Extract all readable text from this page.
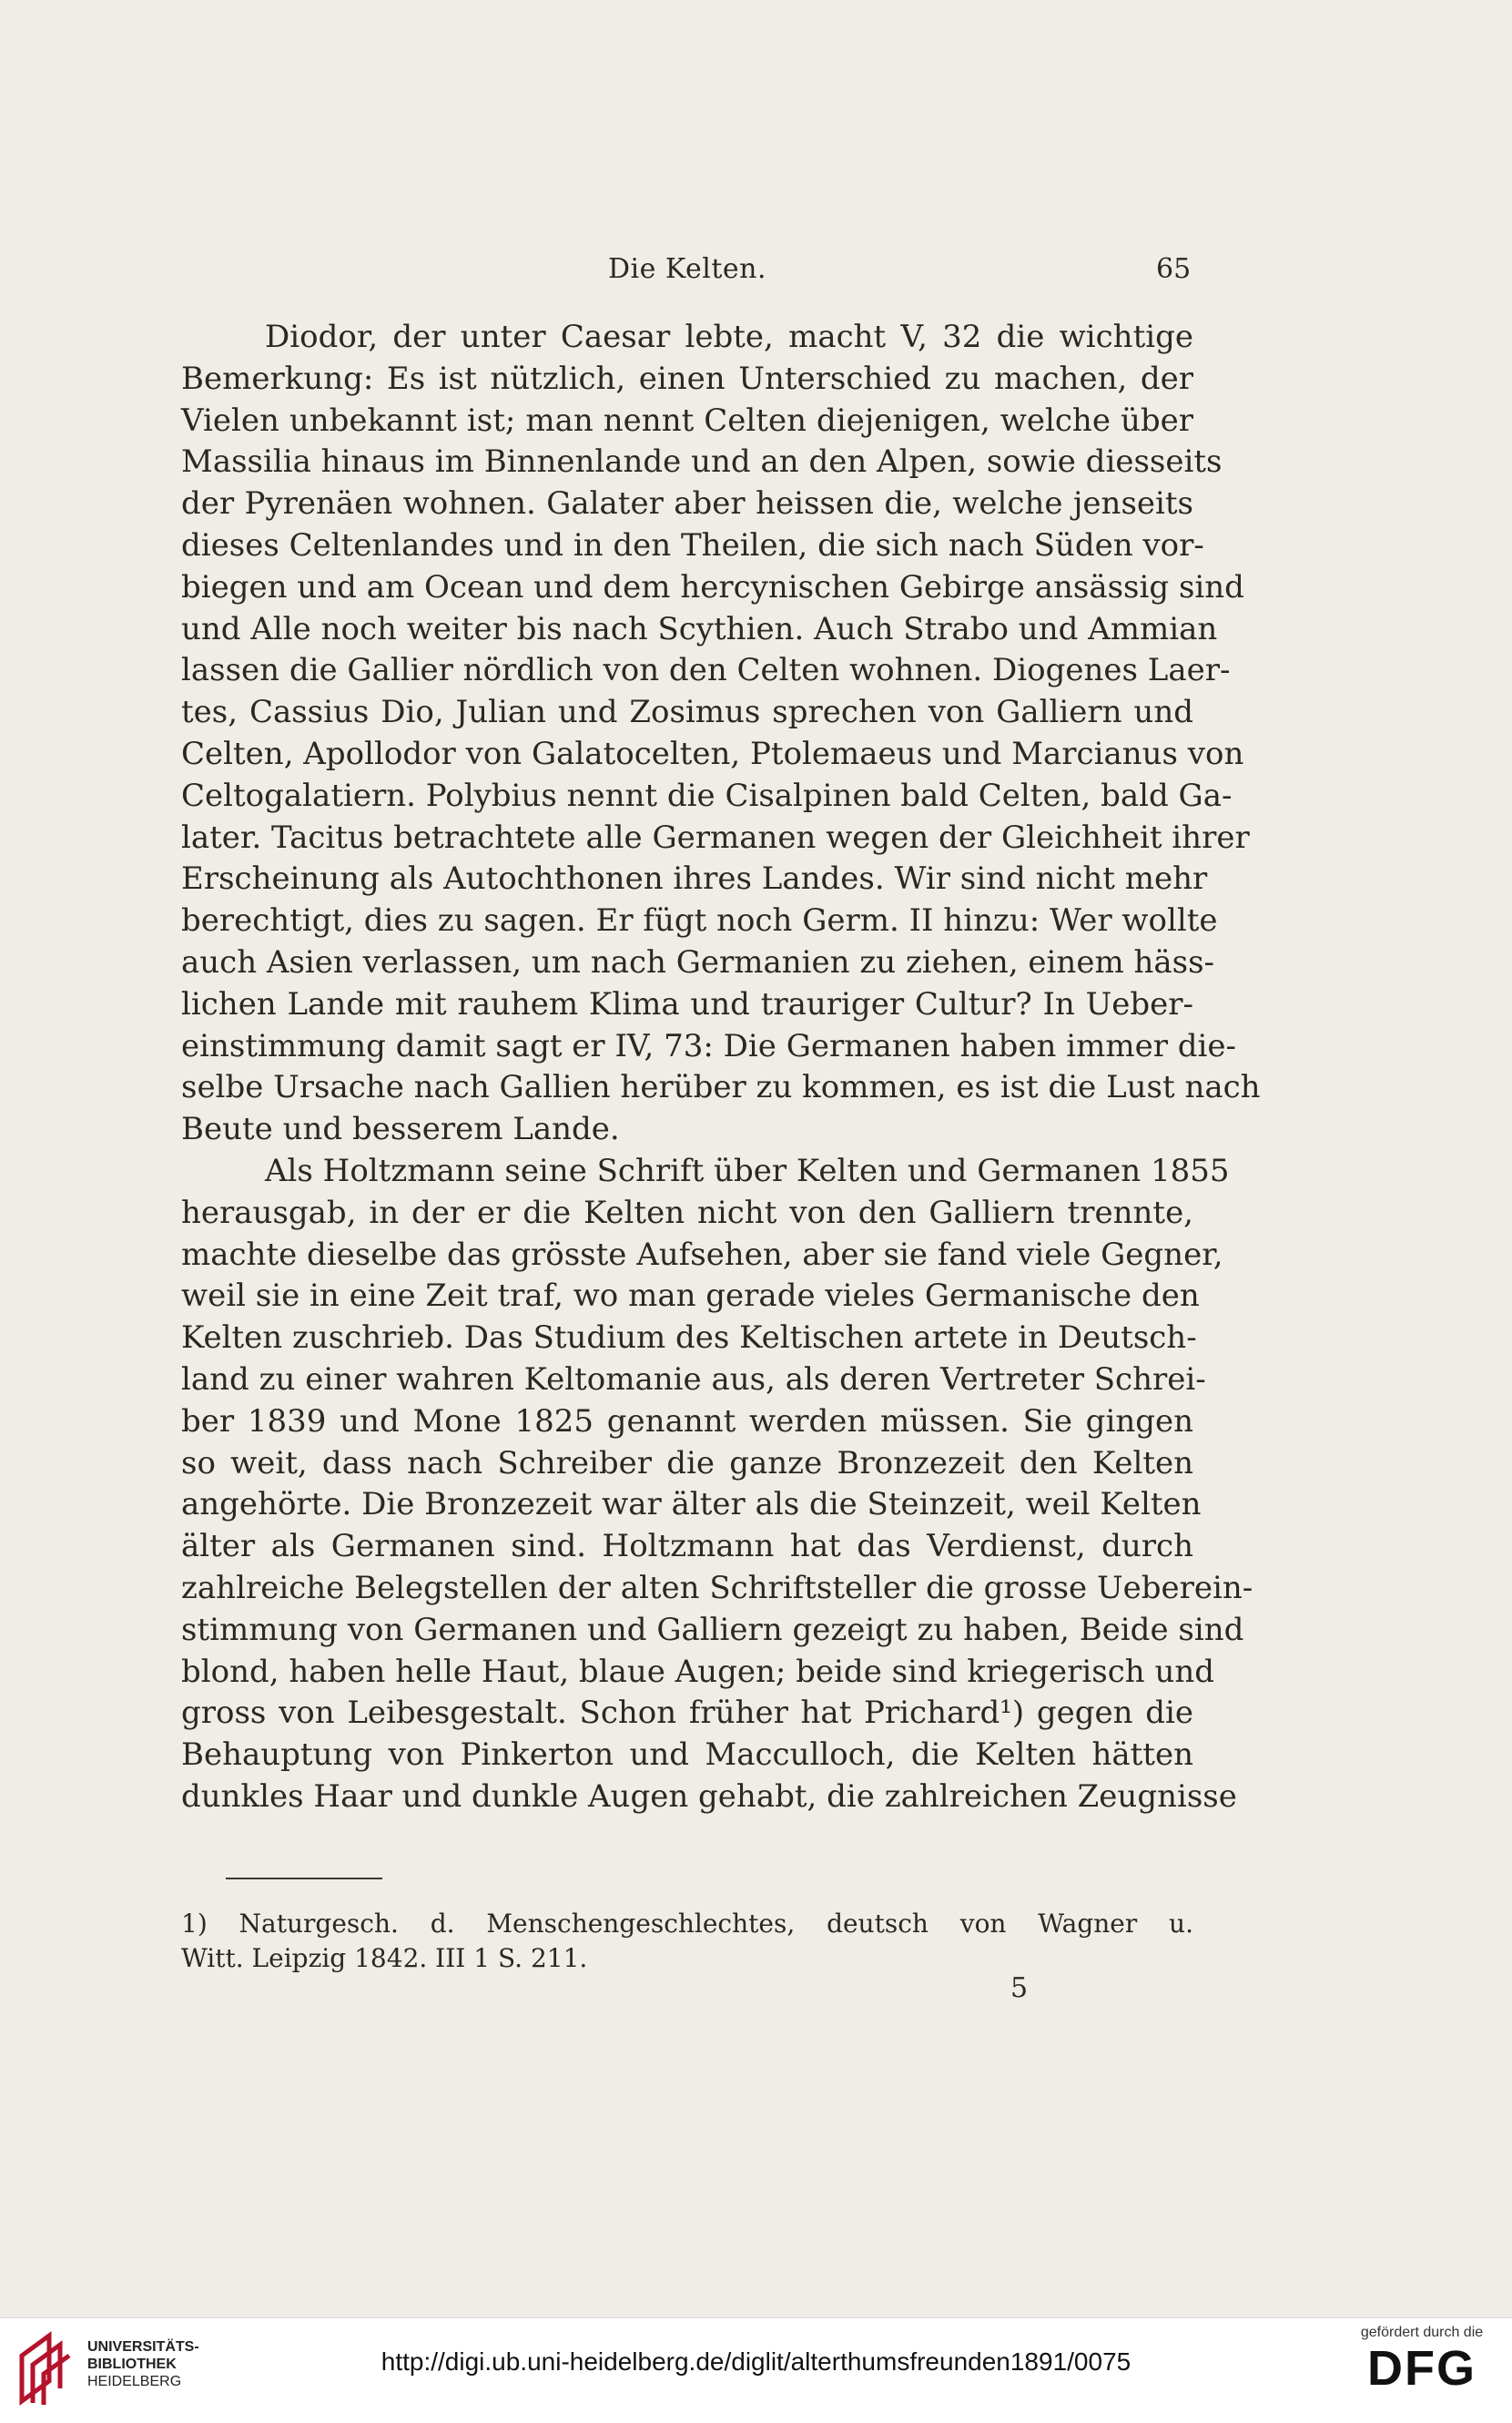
Die Kelten.	65
Diodor, der unter Caesar lebte, macht V, 32 die wichtige
Bemerkung: Es ist nützlich, einen Unterschied zu machen, der
Vielen unbekannt ist; man nennt Celten diejenigen, welche über
Massilia hinaus im Binnenlande und an den Alpen, sowie diesseits
der Pyrenäen wohnen. Galater aber heissen die, welche jenseits
dieses Celtenlandes und in den Theilen, die sich nach Süden vor-
biegen und am Ocean und dem hercynischen Gebirge ansässig sind
und Alle noch weiter bis nach Scythien. Auch Strabo und Ammian
lassen die Gallier nördlich von den Celten wohnen. Diogenes Laer-
tes, Cassius Dio, Julian und Zosimus sprechen von Galliern und
Celten, Apollodor von Galatocelten, Ptolemaeus und Marcianus von
Celtogalatiern. Polybius nennt die Cisalpinen bald Celten, bald Ga-
later. Tacitus betrachtete alle Germanen wegen der Gleichheit ihrer
Erscheinung als Autochthonen ihres Landes. Wir sind nicht mehr
berechtigt, dies zu sagen. Er fügt noch Germ. II hinzu: Wer wollte
auch Asien verlassen, um nach Germanien zu ziehen, einem häss-
lichen Lande mit rauhem Klima und trauriger Cultur? In Ueber-
einstimmung damit sagt er IV, 73: Die Germanen haben immer die-
selbe Ursache nach Gallien herüber zu kommen, es ist die Lust nach
Beute und besserem Lande.
Als Holtzmann seine Schrift über Kelten und Germanen 1855
herausgab, in der er die Kelten nicht von den Galliern trennte,
machte dieselbe das grösste Aufsehen, aber sie fand viele Gegner,
weil sie in eine Zeit traf, wo man gerade vieles Germanische den
Kelten zuschrieb. Das Studium des Keltischen artete in Deutsch-
land zu einer wahren Keltomanie aus, als deren Vertreter Schrei-
ber 1839 und Mone 1825 genannt werden müssen. Sie gingen
so weit, dass nach Schreiber die ganze Bronzezeit den Kelten
angehörte. Die Bronzezeit war älter als die Steinzeit, weil Kelten
älter als Germanen sind. Holtzmann hat das Verdienst, durch
zahlreiche Belegstellen der alten Schriftsteller die grosse Ueberein-
stimmung von Germanen und Galliern gezeigt zu haben, Beide sind
blond, haben helle Haut, blaue Augen; beide sind kriegerisch und
gross von Leibesgestalt. Schon früher hat Prichard¹) gegen die
Behauptung von Pinkerton und Macculloch, die Kelten hätten
dunkles Haar und dunkle Augen gehabt, die zahlreichen Zeugnisse
1) Naturgesch. d. Menschengeschlechtes, deutsch von Wagner u.
Witt. Leipzig 1842. III 1 S. 211.
5
UNIVERSITÄTS-
BIBLIOTHEK
HEIDELBERG
http://digi.ub.uni-heidelberg.de/diglit/alterthumsfreunden1891/0075
gefördert durch die
DFG
